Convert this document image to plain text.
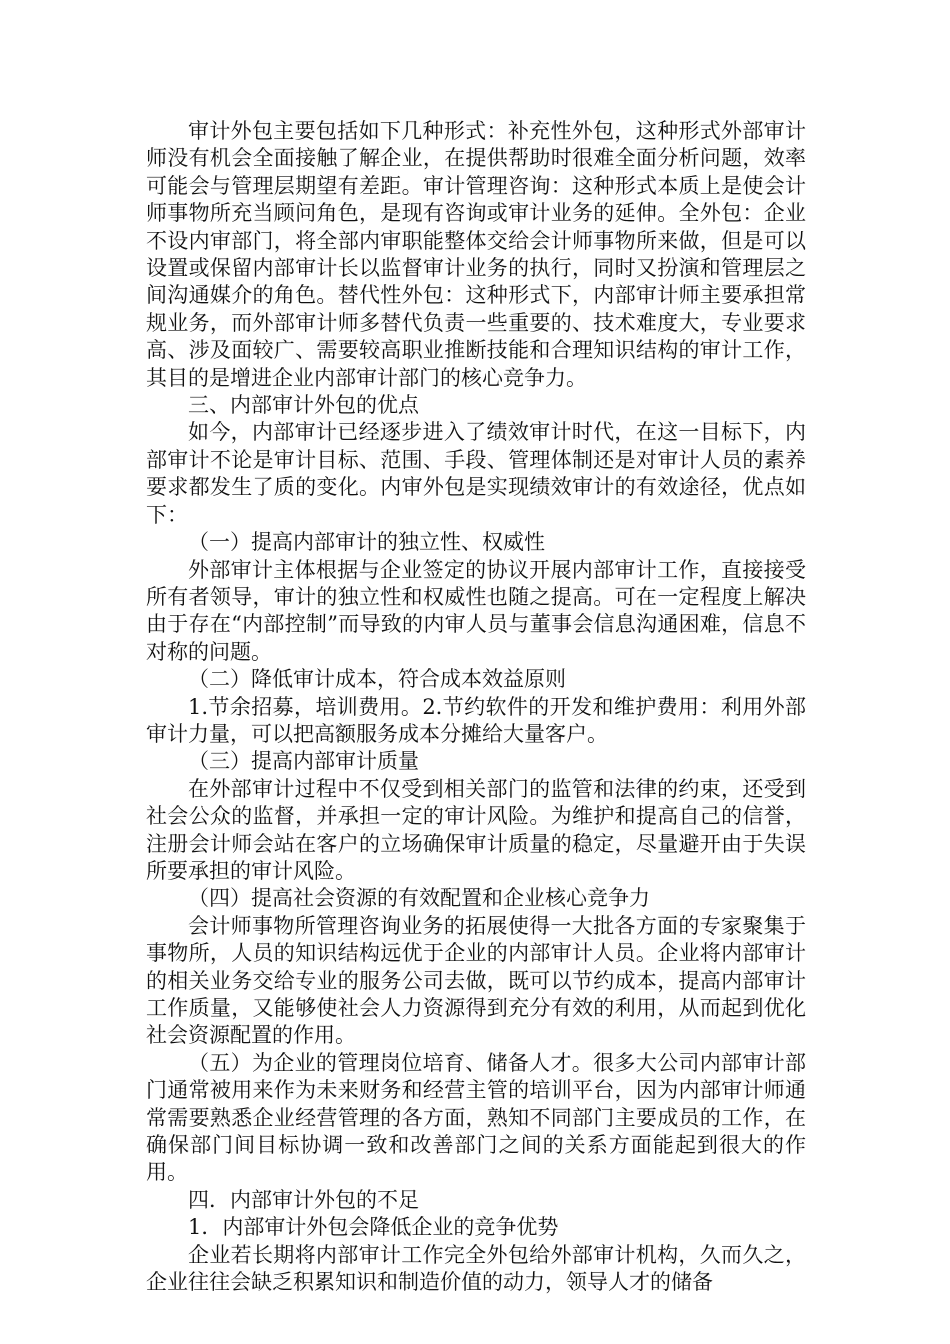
审计外包主要包括如下几种形式：补充性外包，这种形式外部审计师没有机会全面接触了解企业，在提供帮助时很难全面分析问题，效率可能会与管理层期望有差距。审计管理咨询：这种形式本质上是使会计师事物所充当顾问角色，是现有咨询或审计业务的延伸。全外包：企业不设内审部门，将全部内审职能整体交给会计师事物所来做，但是可以设置或保留内部审计长以监督审计业务的执行，同时又扮演和管理层之间沟通媒介的角色。替代性外包：这种形式下，内部审计师主要承担常规业务，而外部审计师多替代负责一些重要的、技术难度大，专业要求高、涉及面较广、需要较高职业推断技能和合理知识结构的审计工作，其目的是增进企业内部审计部门的核心竞争力。

三、内部审计外包的优点

如今，内部审计已经逐步进入了绩效审计时代，在这一目标下，内部审计不论是审计目标、范围、手段、管理体制还是对审计人员的素养要求都发生了质的变化。内审外包是实现绩效审计的有效途径，优点如下：

（一）提高内部审计的独立性、权威性

外部审计主体根据与企业签定的协议开展内部审计工作，直接接受所有者领导，审计的独立性和权威性也随之提高。可在一定程度上解决由于存在“内部控制”而导致的内审人员与董事会信息沟通困难，信息不对称的问题。

（二）降低审计成本，符合成本效益原则

1.节余招募，培训费用。2.节约软件的开发和维护费用：利用外部审计力量，可以把高额服务成本分摊给大量客户。

（三）提高内部审计质量

在外部审计过程中不仅受到相关部门的监管和法律的约束，还受到社会公众的监督，并承担一定的审计风险。为维护和提高自己的信誉，注册会计师会站在客户的立场确保审计质量的稳定，尽量避开由于失误所要承担的审计风险。

（四）提高社会资源的有效配置和企业核心竞争力

会计师事物所管理咨询业务的拓展使得一大批各方面的专家聚集于事物所，人员的知识结构远优于企业的内部审计人员。企业将内部审计的相关业务交给专业的服务公司去做，既可以节约成本，提高内部审计工作质量，又能够使社会人力资源得到充分有效的利用，从而起到优化社会资源配置的作用。

（五）为企业的管理岗位培育、储备人才。很多大公司内部审计部门通常被用来作为未来财务和经营主管的培训平台，因为内部审计师通常需要熟悉企业经营管理的各方面，熟知不同部门主要成员的工作，在确保部门间目标协调一致和改善部门之间的关系方面能起到很大的作用。

四．内部审计外包的不足

1．内部审计外包会降低企业的竞争优势

企业若长期将内部审计工作完全外包给外部审计机构，久而久之，企业往往会缺乏积累知识和制造价值的动力，领导人才的储备
